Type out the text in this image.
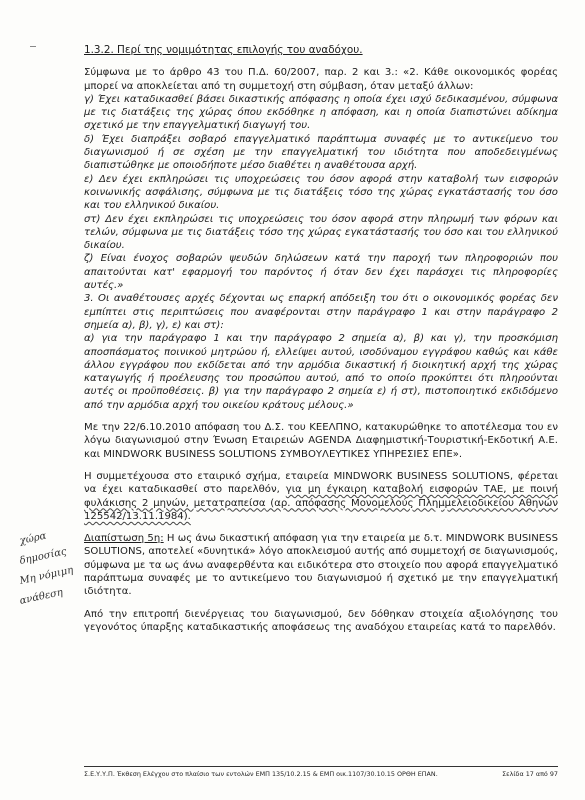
1.3.2. Περί της νομιμότητας επιλογής του αναδόχου.

Σύμφωνα με το άρθρο 43 του Π.Δ. 60/2007, παρ. 2 και 3.: «2. Κάθε οικονομικός φορέας μπορεί να αποκλείεται από τη συμμετοχή στη σύμβαση, όταν μεταξύ άλλων:

γ) Έχει καταδικασθεί βάσει δικαστικής απόφασης η οποία έχει ισχύ δεδικασμένου, σύμφωνα με τις διατάξεις της χώρας όπου εκδόθηκε η απόφαση, και η οποία διαπιστώνει αδίκημα σχετικό με την επαγγελματική διαγωγή του.

δ) Έχει διαπράξει σοβαρό επαγγελματικό παράπτωμα συναφές με το αντικείμενο του διαγωνισμού ή σε σχέση με την επαγγελματική του ιδιότητα που αποδεδειγμένως διαπιστώθηκε με οποιοδήποτε μέσο διαθέτει η αναθέτουσα αρχή.

ε) Δεν έχει εκπληρώσει τις υποχρεώσεις του όσον αφορά στην καταβολή των εισφορών κοινωνικής ασφάλισης, σύμφωνα με τις διατάξεις τόσο της χώρας εγκατάστασής του όσο και του ελληνικού δικαίου.

στ) Δεν έχει εκπληρώσει τις υποχρεώσεις του όσον αφορά στην πληρωμή των φόρων και τελών, σύμφωνα με τις διατάξεις τόσο της χώρας εγκατάστασής του όσο και του ελληνικού δικαίου.

ζ) Είναι ένοχος σοβαρών ψευδών δηλώσεων κατά την παροχή των πληροφοριών που απαιτούνται κατ' εφαρμογή του παρόντος ή όταν δεν έχει παράσχει τις πληροφορίες αυτές.»

3. Οι αναθέτουσες αρχές δέχονται ως επαρκή απόδειξη του ότι ο οικονομικός φορέας δεν εμπίπτει στις περιπτώσεις που αναφέρονται στην παράγραφο 1 και στην παράγραφο 2 σημεία α), β), γ), ε) και στ):

α) για την παράγραφο 1 και την παράγραφο 2 σημεία α), β) και γ), την προσκόμιση αποσπάσματος ποινικού μητρώου ή, ελλείψει αυτού, ισοδύναμου εγγράφου καθώς και κάθε άλλου εγγράφου που εκδίδεται από την αρμόδια δικαστική ή διοικητική αρχή της χώρας καταγωγής ή προέλευσης του προσώπου αυτού, από το οποίο προκύπτει ότι πληρούνται αυτές οι προϋποθέσεις. β) για την παράγραφο 2 σημεία ε) ή στ), πιστοποιητικό εκδιδόμενο από την αρμόδια αρχή του οικείου κράτους μέλους.»

Με την 22/6.10.2010 απόφαση του Δ.Σ. του ΚΕΕΛΠΝΟ, κατακυρώθηκε το αποτέλεσμα του εν λόγω διαγωνισμού στην Ένωση Εταιρειών AGENDA Διαφημιστική-Τουριστική-Εκδοτική Α.Ε. και MINDWORK BUSINESS SOLUTIONS ΣΥΜΒΟΥΛΕΥΤΙΚΕΣ ΥΠΗΡΕΣΙΕΣ ΕΠΕ».

Η συμμετέχουσα στο εταιρικό σχήμα, εταιρεία MINDWORK BUSINESS SOLUTIONS, φέρεται να έχει καταδικασθεί στο παρελθόν, για μη έγκαιρη καταβολή εισφορών ΤΑΕ, με ποινή φυλάκισης 2 μηνών, μετατραπείσα (αρ. απόφασης Μονομελούς Πλημμελειοδικείου Αθηνών 125542/13.11.1984).

Διαπίστωση 5η: Η ως άνω δικαστική απόφαση για την εταιρεία με δ.τ. MINDWORK BUSINESS SOLUTIONS, αποτελεί «δυνητικά» λόγο αποκλεισμού αυτής από συμμετοχή σε διαγωνισμούς, σύμφωνα με τα ως άνω αναφερθέντα και ειδικότερα στο στοιχείο που αφορά επαγγελματικό παράπτωμα συναφές με το αντικείμενο του διαγωνισμού ή σχετικό με την επαγγελματική ιδιότητα.

Από την επιτροπή διενέργειας του διαγωνισμού, δεν δόθηκαν στοιχεία αξιολόγησης του γεγονότος ύπαρξης καταδικαστικής αποφάσεως της αναδόχου εταιρείας κατά το παρελθόν.

χώρα
δημοσίας
Μη νόμιμη
ανάθεση
Σ.Ε.Υ.Υ.Π. Έκθεση Ελέγχου στο πλαίσιο των εντολών ΕΜΠ 135/10.2.15 & ΕΜΠ οικ.1107/30.10.15 ΟΡΘΗ ΕΠΑΝ.	Σελίδα 17 από 97
